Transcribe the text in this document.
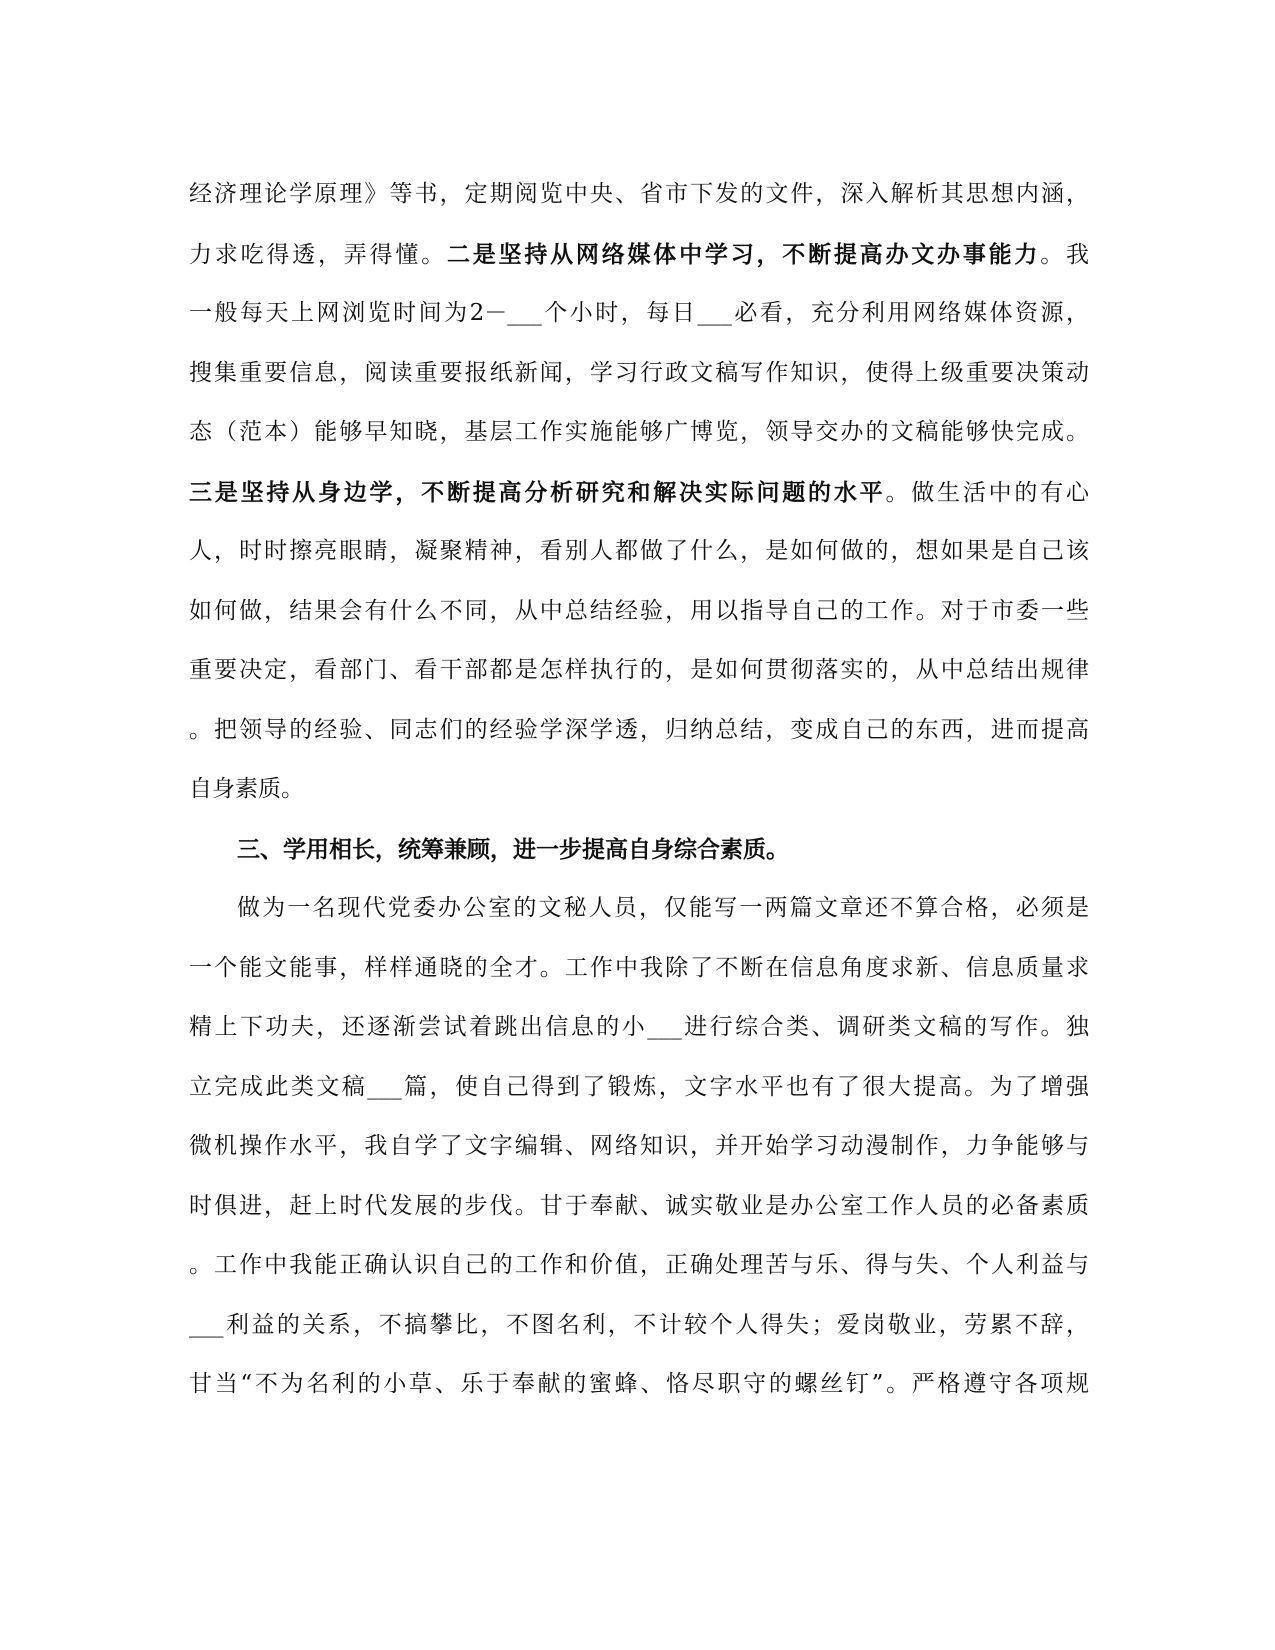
经济理论学原理》等书，定期阅览中央、省市下发的文件，深入解析其思想内涵，
力求吃得透，弄得懂。二是坚持从网络媒体中学习，不断提高办文办事能力。我
一般每天上网浏览时间为2－___个小时，每日___必看，充分利用网络媒体资源，
搜集重要信息，阅读重要报纸新闻，学习行政文稿写作知识，使得上级重要决策动
态（范本）能够早知晓，基层工作实施能够广博览，领导交办的文稿能够快完成。
三是坚持从身边学，不断提高分析研究和解决实际问题的水平。做生活中的有心
人，时时擦亮眼睛，凝聚精神，看别人都做了什么，是如何做的，想如果是自己该
如何做，结果会有什么不同，从中总结经验，用以指导自己的工作。对于市委一些
重要决定，看部门、看干部都是怎样执行的，是如何贯彻落实的，从中总结出规律
。把领导的经验、同志们的经验学深学透，归纳总结，变成自己的东西，进而提高
自身素质。
三、学用相长，统筹兼顾，进一步提高自身综合素质。
做为一名现代党委办公室的文秘人员，仅能写一两篇文章还不算合格，必须是
一个能文能事，样样通晓的全才。工作中我除了不断在信息角度求新、信息质量求
精上下功夫，还逐渐尝试着跳出信息的小___进行综合类、调研类文稿的写作。独
立完成此类文稿___篇，使自己得到了锻炼，文字水平也有了很大提高。为了增强
微机操作水平，我自学了文字编辑、网络知识，并开始学习动漫制作，力争能够与
时俱进，赶上时代发展的步伐。甘于奉献、诚实敬业是办公室工作人员的必备素质
。工作中我能正确认识自己的工作和价值，正确处理苦与乐、得与失、个人利益与
___利益的关系，不搞攀比，不图名利，不计较个人得失；爱岗敬业，劳累不辞，
甘当“不为名利的小草、乐于奉献的蜜蜂、恪尽职守的螺丝钉”。严格遵守各项规
